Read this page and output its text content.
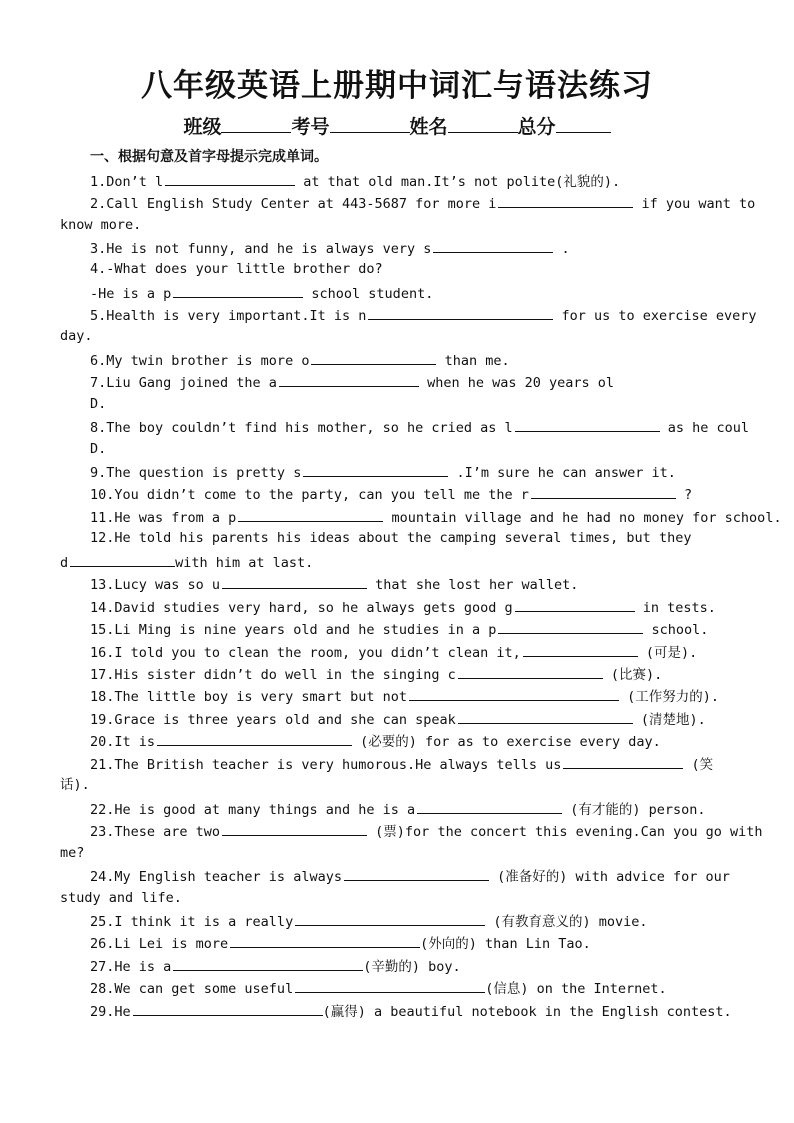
八年级英语上册期中词汇与语法练习
班级	考号	姓名	总分
一、根据句意及首字母提示完成单词。
1.Don’t l	at that old man.It’s not polite(礼貌的).
2.Call English Study Center at 443-5687 for more i	if you want to
know more.
3.He is not funny, and he is always very s	.
4.-What does your little brother do?
-He is a p	school student.
5.Health is very important.It is n	for us to exercise every
day.
6.My twin brother is more o	than me.
7.Liu Gang joined the a	when he was 20 years ol
D.
8.The boy couldn’t find his mother, so he cried as l	as he coul
D.
9.The question is pretty s	.I’m sure he can answer it.
10.You didn’t come to the party, can you tell me the r	?
11.He was from a p	mountain village and he had no money for school.
12.He told his parents his ideas about the camping several times, but they
d	with him at last.
13.Lucy was so u	that she lost her wallet.
14.David studies very hard, so he always gets good g	in tests.
15.Li Ming is nine years old and he studies in a p	school.
16.I told you to clean the room, you didn’t clean it,	(可是).
17.His sister didn’t do well in the singing c	(比赛).
18.The little boy is very smart but not	(工作努力的).
19.Grace is three years old and she can speak	(清楚地).
20.It is	(必要的) for as to exercise every day.
21.The British teacher is very humorous.He always tells us	(笑
话).
22.He is good at many things and he is a	(有才能的) person.
23.These are two	(票)for the concert this evening.Can you go with
me?
24.My English teacher is always	(准备好的) with advice for our
study and life.
25.I think it is a really	(有教育意义的) movie.
26.Li Lei is more	(外向的) than Lin Tao.
27.He is a	(辛勤的) boy.
28.We can get some useful	(信息) on the Internet.
29.He	(赢得) a beautiful notebook in the English contest.
